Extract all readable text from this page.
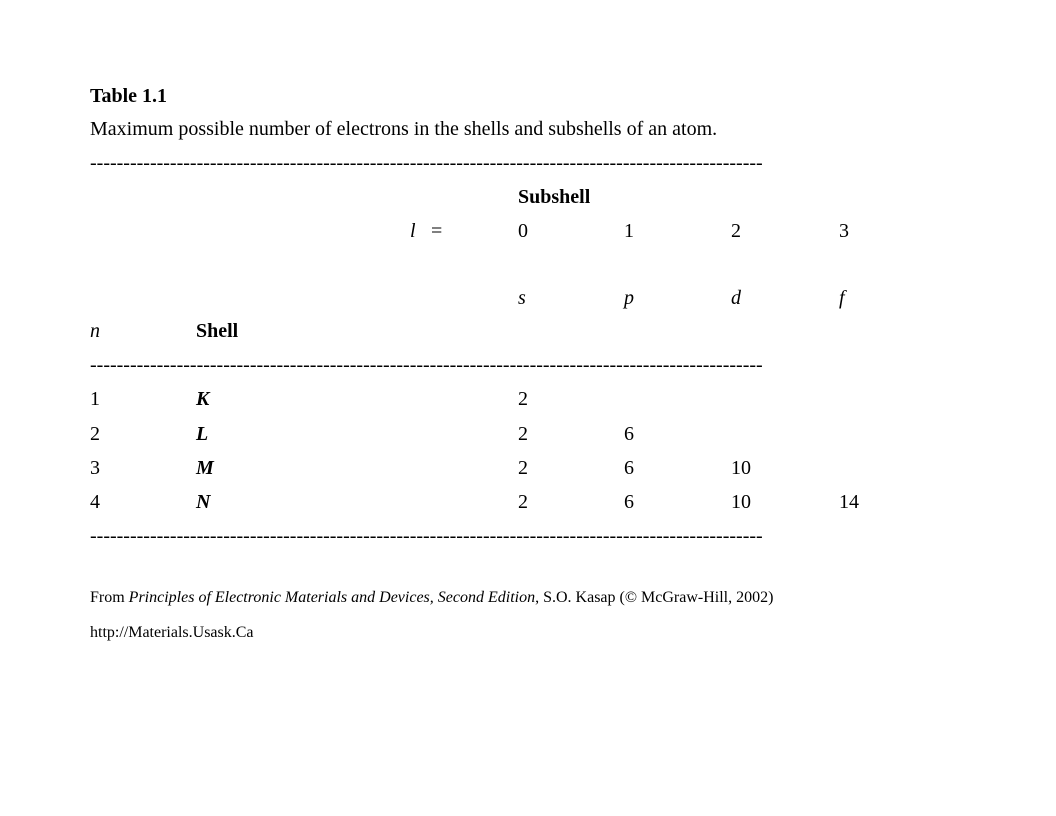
Table 1.1
Maximum possible number of electrons in the shells and subshells of an atom.
-----------------------------------------------------------------------------------------------------
Subshell
l =	0	1	2	3
s	p	d	f
n	Shell
-----------------------------------------------------------------------------------------------------
1	K	2
2	L	2	6
3	M	2	6	10
4	N	2	6	10	14
-----------------------------------------------------------------------------------------------------
From Principles of Electronic Materials and Devices, Second Edition, S.O. Kasap (© McGraw-Hill, 2002)
http://Materials.Usask.Ca
